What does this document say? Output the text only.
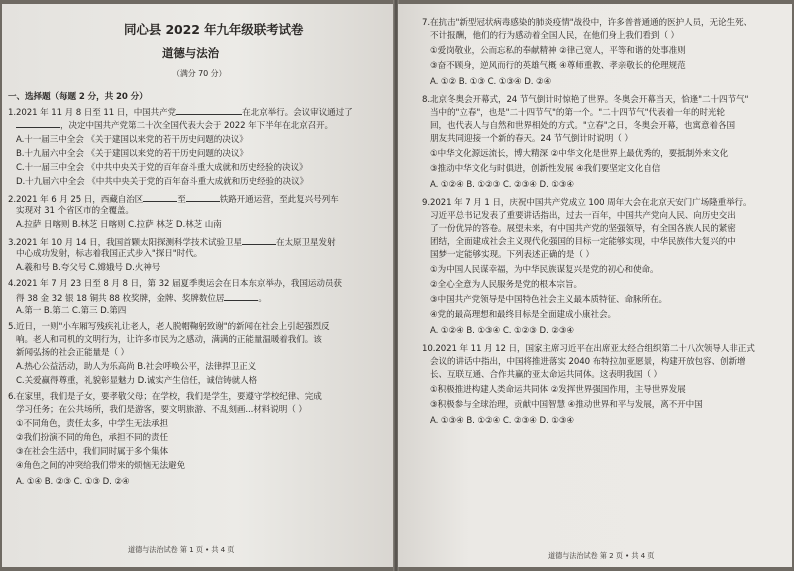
同心县 2022 年九年级联考试卷
道德与法治
（满分 70 分）
一、选择题（每题 2 分，共 20 分）
1.2021 年 11 月 8 日至 11 日，中国共产党	在北京举行。会议审议通过了
，决定中国共产党第二十次全国代表大会于 2022 年下半年在北京召开。
A.十一届三中全会 《关于建国以来党的若干历史问题的决议》
B.十九届六中全会 《关于建国以来党的若干历史问题的决议》
C.十一届三中全会 《中共中央关于党的百年奋斗重大成就和历史经验的决议》
D.十九届六中全会 《中共中央关于党的百年奋斗重大成就和历史经验的决议》
2.2021 年 6 月 25 日，西藏自治区	至	铁路开通运营，至此复兴号列车
实现对 31 个省区市的全覆盖。
A.拉萨 日喀则 B.林芝 日喀则 C.拉萨 林芝 D.林芝 山南
3.2021 年 10 月 14 日，我国首颗太阳探测科学技术试验卫星	在太原卫星发射
中心成功发射，标志着我国正式步入"探日"时代。
A.羲和号 B.夸父号 C.嫦娥号 D.火神号
4.2021 年 7 月 23 日至 8 月 8 日，第 32 届夏季奥运会在日本东京举办，我国运动员获
得 38 金 32 银 18 铜共 88 枚奖牌，金牌、奖牌数位居	。
A.第一 B.第二 C.第三 D.第四
5.近日，一则"小车厢写残疾礼让老人，老人脱帽鞠躬致谢"的新闻在社会上引起强烈反
响。老人和司机的文明行为，让许多市民为之感动，满满的正能量温暖着我们。该
新闻弘扬的社会正能量是（ ）
A.热心公益活动，助人为乐高尚 B.社会呼唤公平，法律捍卫正义
C.关爱赢得尊重，礼貌彰显魅力 D.诚实产生信任，诚信铸就人格
6.在家里，我们是子女，要孝敬父母；在学校，我们是学生，要遵守学校纪律、完成
学习任务；在公共场所，我们是游客，要文明旅游、不乱刻画...材料说明（ ）
①不同角色，责任太多，中学生无法承担
②我们扮演不同的角色，承担不同的责任
③在社会生活中，我们同时属于多个集体
④角色之间的冲突给我们带来的烦恼无法避免
A. ①④ B. ②③ C. ①③ D. ②④
道德与法治试卷 第 1 页 • 共 4 页
7.在抗击"新型冠状病毒感染的肺炎疫情"战役中，许多普普通通的医护人员，无论生死、
不计报酬，他们的行为感动着全国人民，在他们身上我们看到（ ）
①爱岗敬业，公而忘私的奉献精神 ②律己宽人，平等和谐的处事准则
③奋不顾身，逆风而行的英雄气概 ④尊师重教、孝亲敬长的伦理规范
A. ①② B. ①③ C. ①③④ D. ②④
8.北京冬奥会开幕式，24 节气倒计时惊艳了世界。冬奥会开幕当天，恰逢"二十四节气"
当中的"立春"，也是"二十四节气"的第一个。"二十四节气"代表着一年的时光轮
回，也代表人与自然和世界相处的方式。"立春"之日，冬奥会开幕，也寓意着各国
朋友共同迎接一个新的春天。24 节气倒计时说明（ ）
①中华文化源远流长，博大精深 ②中华文化是世界上最优秀的，要抵制外来文化
③推动中华文化与时俱进，创新性发展 ④我们要坚定文化自信
A. ①②④ B. ①②③ C. ②③④ D. ①③④
9.2021 年 7 月 1 日，庆祝中国共产党成立 100 周年大会在北京天安门广场隆重举行。
习近平总书记发表了重要讲话指出，过去一百年，中国共产党向人民、向历史交出
了一份优异的答卷。展望未来，有中国共产党的坚强领导，有全国各族人民的紧密
团结，全面建成社会主义现代化强国的目标一定能够实现，中华民族伟大复兴的中
国梦一定能够实现。下列表述正确的是（ ）
①为中国人民谋幸福，为中华民族谋复兴是党的初心和使命。
②全心全意为人民服务是党的根本宗旨。
③中国共产党领导是中国特色社会主义最本质特征、命脉所在。
④党的最高理想和最终目标是全面建成小康社会。
A. ①②④ B. ①③④ C. ①②③ D. ②③④
10.2021 年 11 月 12 日，国家主席习近平在出席亚太经合组织第二十八次领导人非正式
会议的讲话中指出，中国将推进落实 2040 布特拉加亚愿景，构建开放包容、创新增
长、互联互通、合作共赢的亚太命运共同体。这表明我国（ ）
①积极推进构建人类命运共同体 ②发挥世界强国作用，主导世界发展
③积极参与全球治理，贡献中国智慧 ④推动世界和平与发展，离不开中国
A. ①③④ B. ①②④ C. ②③④ D. ①③④
道德与法治试卷 第 2 页 • 共 4 页
